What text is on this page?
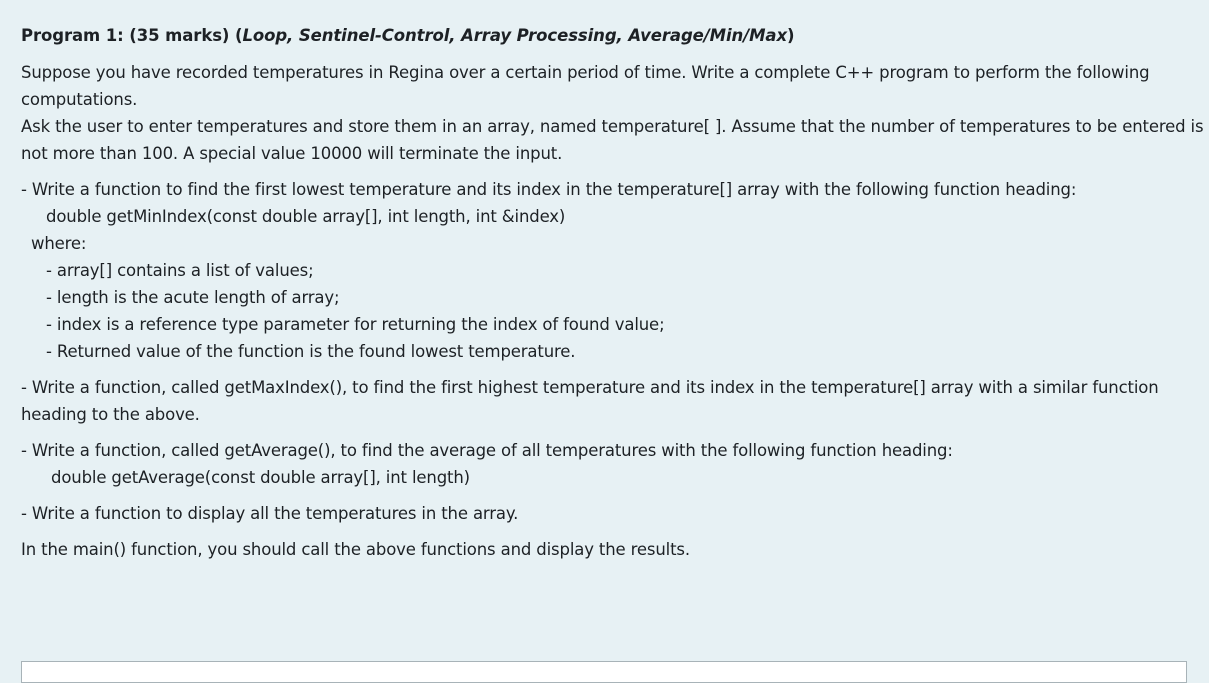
Program 1: (35 marks) (Loop, Sentinel-Control, Array Processing, Average/Min/Max)
Suppose you have recorded temperatures in Regina over a certain period of time. Write a complete C++ program to perform the following
computations.
Ask the user to enter temperatures and store them in an array, named temperature[ ]. Assume that the number of temperatures to be entered is
not more than 100. A special value 10000 will terminate the input.
- Write a function to find the first lowest temperature and its index in the temperature[] array with the following function heading:
double getMinIndex(const double array[], int length, int &index)
where:
- array[] contains a list of values;
- length is the acute length of array;
- index is a reference type parameter for returning the index of found value;
- Returned value of the function is the found lowest temperature.
- Write a function, called getMaxIndex(), to find the first highest temperature and its index in the temperature[] array with a similar function
heading to the above.
- Write a function, called getAverage(), to find the average of all temperatures with the following function heading:
double getAverage(const double array[], int length)
- Write a function to display all the temperatures in the array.
In the main() function, you should call the above functions and display the results.
